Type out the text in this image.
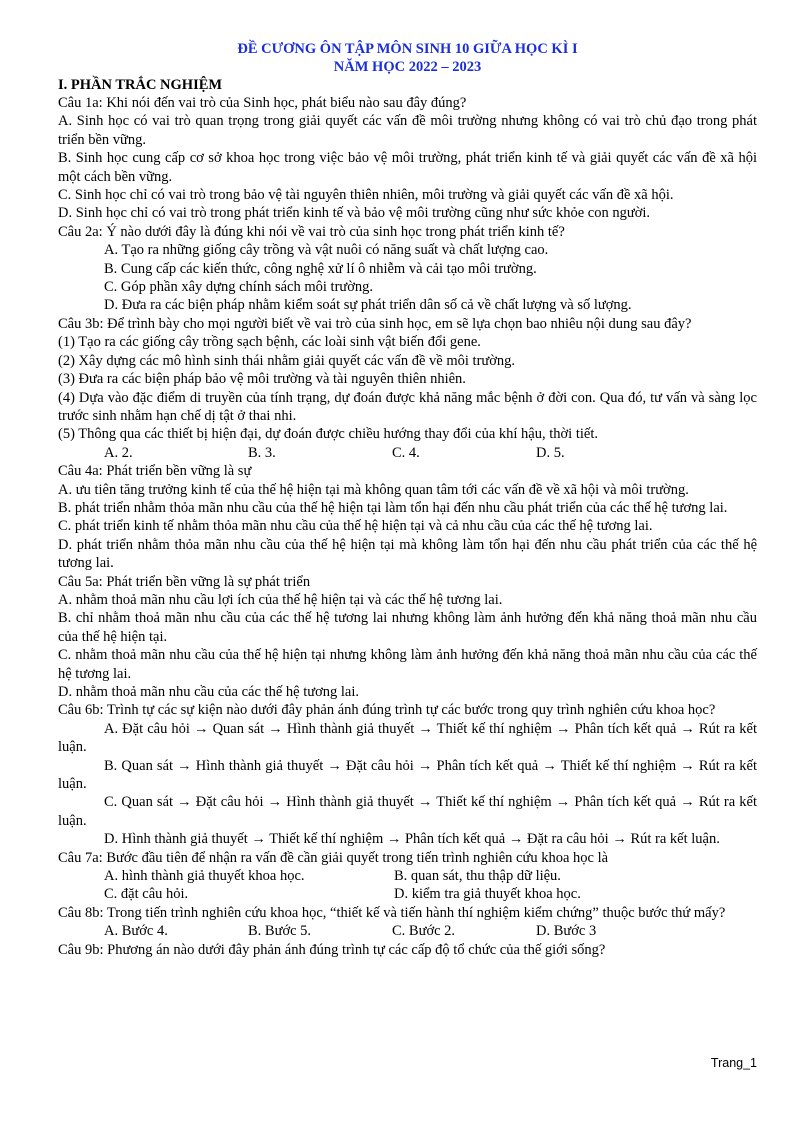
ĐỀ CƯƠNG ÔN TẬP MÔN SINH 10 GIỮA HỌC KÌ I
NĂM HỌC 2022 – 2023
I. PHẦN TRẮC NGHIỆM
Câu 1a: Khi nói đến vai trò của Sinh học, phát biểu nào sau đây đúng?
A. Sinh học có vai trò quan trọng trong giải quyết các vấn đề môi trường nhưng không có vai trò chủ đạo trong phát triển bền vững.
B. Sinh học cung cấp cơ sở khoa học trong việc bảo vệ môi trường, phát triển kinh tế và giải quyết các vấn đề xã hội một cách bền vững.
C. Sinh học chỉ có vai trò trong bảo vệ tài nguyên thiên nhiên, môi trường và giải quyết các vấn đề xã hội.
D. Sinh học chỉ có vai trò trong phát triển kinh tế và bảo vệ môi trường cũng như sức khỏe con người.
Câu 2a: Ý nào dưới đây là đúng khi nói về vai trò của sinh học trong phát triển kinh tế?
A. Tạo ra những giống cây trồng và vật nuôi có năng suất và chất lượng cao.
B. Cung cấp các kiến thức, công nghệ xử lí ô nhiễm và cải tạo môi trường.
C. Góp phần xây dựng chính sách môi trường.
D. Đưa ra các biện pháp nhằm kiểm soát sự phát triển dân số cả về chất lượng và số lượng.
Câu 3b: Để trình bày cho mọi người biết về vai trò của sinh học, em sẽ lựa chọn bao nhiêu nội dung sau đây?
(1) Tạo ra các giống cây trồng sạch bệnh, các loài sinh vật biến đổi gene.
(2) Xây dựng các mô hình sinh thái nhằm giải quyết các vấn đề về môi trường.
(3) Đưa ra các biện pháp bảo vệ môi trường và tài nguyên thiên nhiên.
(4) Dựa vào đặc điểm di truyền của tính trạng, dự đoán được khả năng mắc bệnh ở đời con. Qua đó, tư vấn và sàng lọc trước sinh nhằm hạn chế dị tật ở thai nhi.
(5) Thông qua các thiết bị hiện đại, dự đoán được chiều hướng thay đổi của khí hậu, thời tiết.
A. 2.	B. 3.	C. 4.	D. 5.
Câu 4a: Phát triển bền vững là sự
A. ưu tiên tăng trưởng kinh tế của thế hệ hiện tại mà không quan tâm tới các vấn đề về xã hội và môi trường.
B. phát triển nhằm thỏa mãn nhu cầu của thế hệ hiện tại làm tổn hại đến nhu cầu phát triển của các thế hệ tương lai.
C. phát triển kinh tế nhằm thỏa mãn nhu cầu của thế hệ hiện tại và cả nhu cầu của các thế hệ tương lai.
D. phát triển nhằm thỏa mãn nhu cầu của thế hệ hiện tại mà không làm tổn hại đến nhu cầu phát triển của các thế hệ tương lai.
Câu 5a: Phát triển bền vững là sự phát triển
A. nhằm thoả mãn nhu cầu lợi ích của thế hệ hiện tại và các thế hệ tương lai.
B. chỉ nhằm thoả mãn nhu cầu của các thế hệ tương lai nhưng không làm ảnh hưởng đến khả năng thoả mãn nhu cầu của thế hệ hiện tại.
C. nhằm thoả mãn nhu cầu của thế hệ hiện tại nhưng không làm ảnh hưởng đến khả năng thoả mãn nhu cầu của các thế hệ tương lai.
D. nhằm thoả mãn nhu cầu của các thế hệ tương lai.
Câu 6b: Trình tự các sự kiện nào dưới đây phản ánh đúng trình tự các bước trong quy trình nghiên cứu khoa học?
A. Đặt câu hỏi → Quan sát → Hình thành giả thuyết → Thiết kế thí nghiệm → Phân tích kết quả → Rút ra kết luận.
B. Quan sát → Hình thành giả thuyết → Đặt câu hỏi → Phân tích kết quả → Thiết kế thí nghiệm → Rút ra kết luận.
C. Quan sát → Đặt câu hỏi → Hình thành giả thuyết → Thiết kế thí nghiệm → Phân tích kết quả → Rút ra kết luận.
D. Hình thành giả thuyết → Thiết kế thí nghiệm → Phân tích kết quả → Đặt ra câu hỏi → Rút ra kết luận.
Câu 7a: Bước đầu tiên để nhận ra vấn đề cần giải quyết trong tiến trình nghiên cứu khoa học là
A. hình thành giả thuyết khoa học.	B. quan sát, thu thập dữ liệu.
C. đặt câu hỏi.	D. kiểm tra giả thuyết khoa học.
Câu 8b: Trong tiến trình nghiên cứu khoa học, “thiết kế và tiến hành thí nghiệm kiểm chứng” thuộc bước thứ mấy?
A. Bước 4.	B. Bước 5.	C. Bước 2.	D. Bước 3
Câu 9b: Phương án nào dưới đây phản ánh đúng trình tự các cấp độ tổ chức của thế giới sống?
Trang_1
